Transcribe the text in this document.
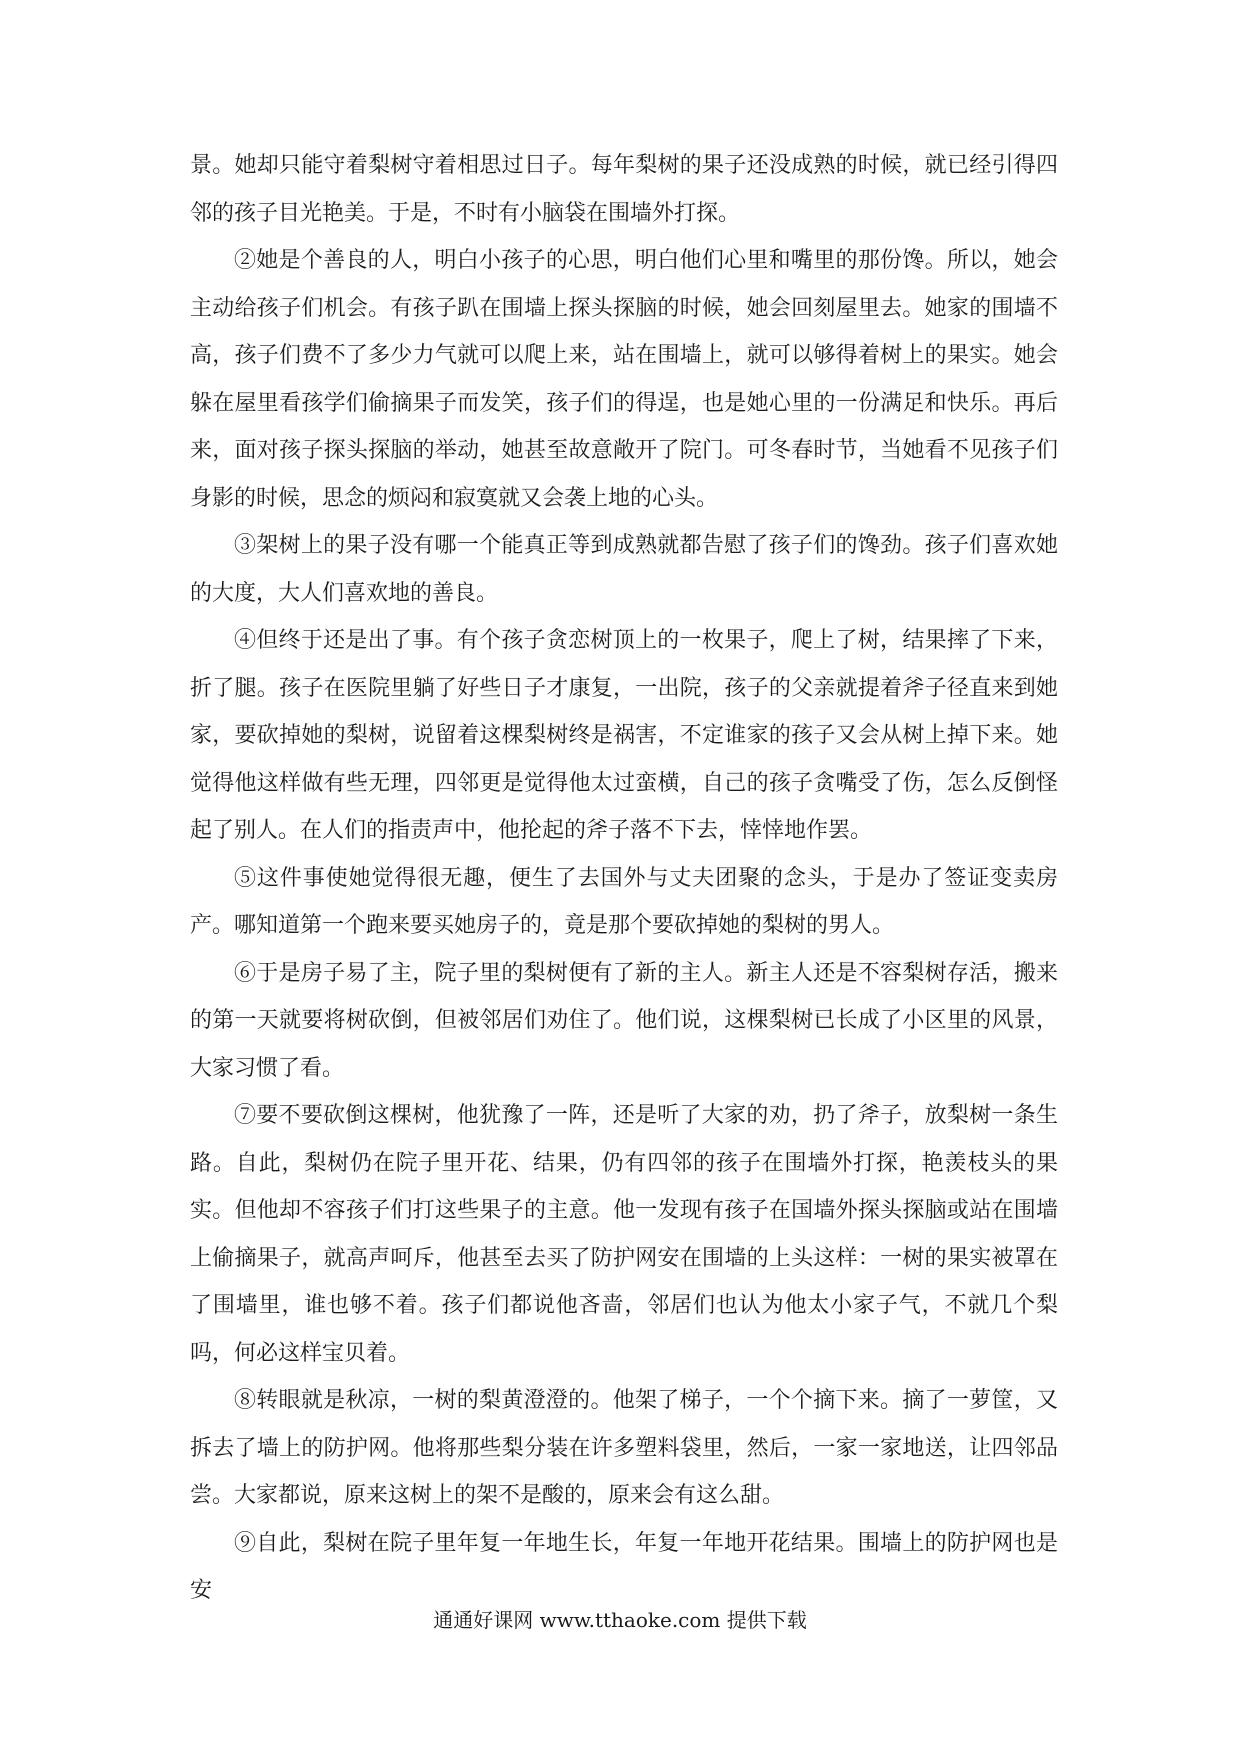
景。她却只能守着梨树守着相思过日子。每年梨树的果子还没成熟的时候，就已经引得四邻的孩子目光艳美。于是，不时有小脑袋在围墙外打探。

②她是个善良的人，明白小孩子的心思，明白他们心里和嘴里的那份馋。所以，她会主动给孩子们机会。有孩子趴在围墙上探头探脑的时候，她会回刻屋里去。她家的围墙不高，孩子们费不了多少力气就可以爬上来，站在围墙上，就可以够得着树上的果实。她会躲在屋里看孩学们偷摘果子而发笑，孩子们的得逞，也是她心里的一份满足和快乐。再后来，面对孩子探头探脑的举动，她甚至故意敞开了院门。可冬春时节，当她看不见孩子们身影的时候，思念的烦闷和寂寞就又会袭上地的心头。

③架树上的果子没有哪一个能真正等到成熟就都告慰了孩子们的馋劲。孩子们喜欢她的大度，大人们喜欢地的善良。

④但终于还是出了事。有个孩子贪恋树顶上的一枚果子，爬上了树，结果摔了下来，折了腿。孩子在医院里躺了好些日子才康复，一出院，孩子的父亲就提着斧子径直来到她家，要砍掉她的梨树，说留着这棵梨树终是祸害，不定谁家的孩子又会从树上掉下来。她觉得他这样做有些无理，四邻更是觉得他太过蛮横，自己的孩子贪嘴受了伤，怎么反倒怪起了别人。在人们的指责声中，他抡起的斧子落不下去，悻悻地作罢。

⑤这件事使她觉得很无趣，便生了去国外与丈夫团聚的念头，于是办了签证变卖房产。哪知道第一个跑来要买她房子的，竟是那个要砍掉她的梨树的男人。

⑥于是房子易了主，院子里的梨树便有了新的主人。新主人还是不容梨树存活，搬来的第一天就要将树砍倒，但被邻居们劝住了。他们说，这棵梨树已长成了小区里的风景，大家习惯了看。

⑦要不要砍倒这棵树，他犹豫了一阵，还是听了大家的劝，扔了斧子，放梨树一条生路。自此，梨树仍在院子里开花、结果，仍有四邻的孩子在围墙外打探，艳羡枝头的果实。但他却不容孩子们打这些果子的主意。他一发现有孩子在国墙外探头探脑或站在围墙上偷摘果子，就高声呵斥，他甚至去买了防护网安在围墙的上头这样：一树的果实被罩在了围墙里，谁也够不着。孩子们都说他吝啬，邻居们也认为他太小家子气，不就几个梨吗，何必这样宝贝着。

⑧转眼就是秋凉，一树的梨黄澄澄的。他架了梯子，一个个摘下来。摘了一萝筐，又拆去了墙上的防护网。他将那些梨分装在许多塑料袋里，然后，一家一家地送，让四邻品尝。大家都说，原来这树上的架不是酸的，原来会有这么甜。

⑨自此，梨树在院子里年复一年地生长，年复一年地开花结果。围墙上的防护网也是安

通通好课网 www.tthaoke.com 提供下载
